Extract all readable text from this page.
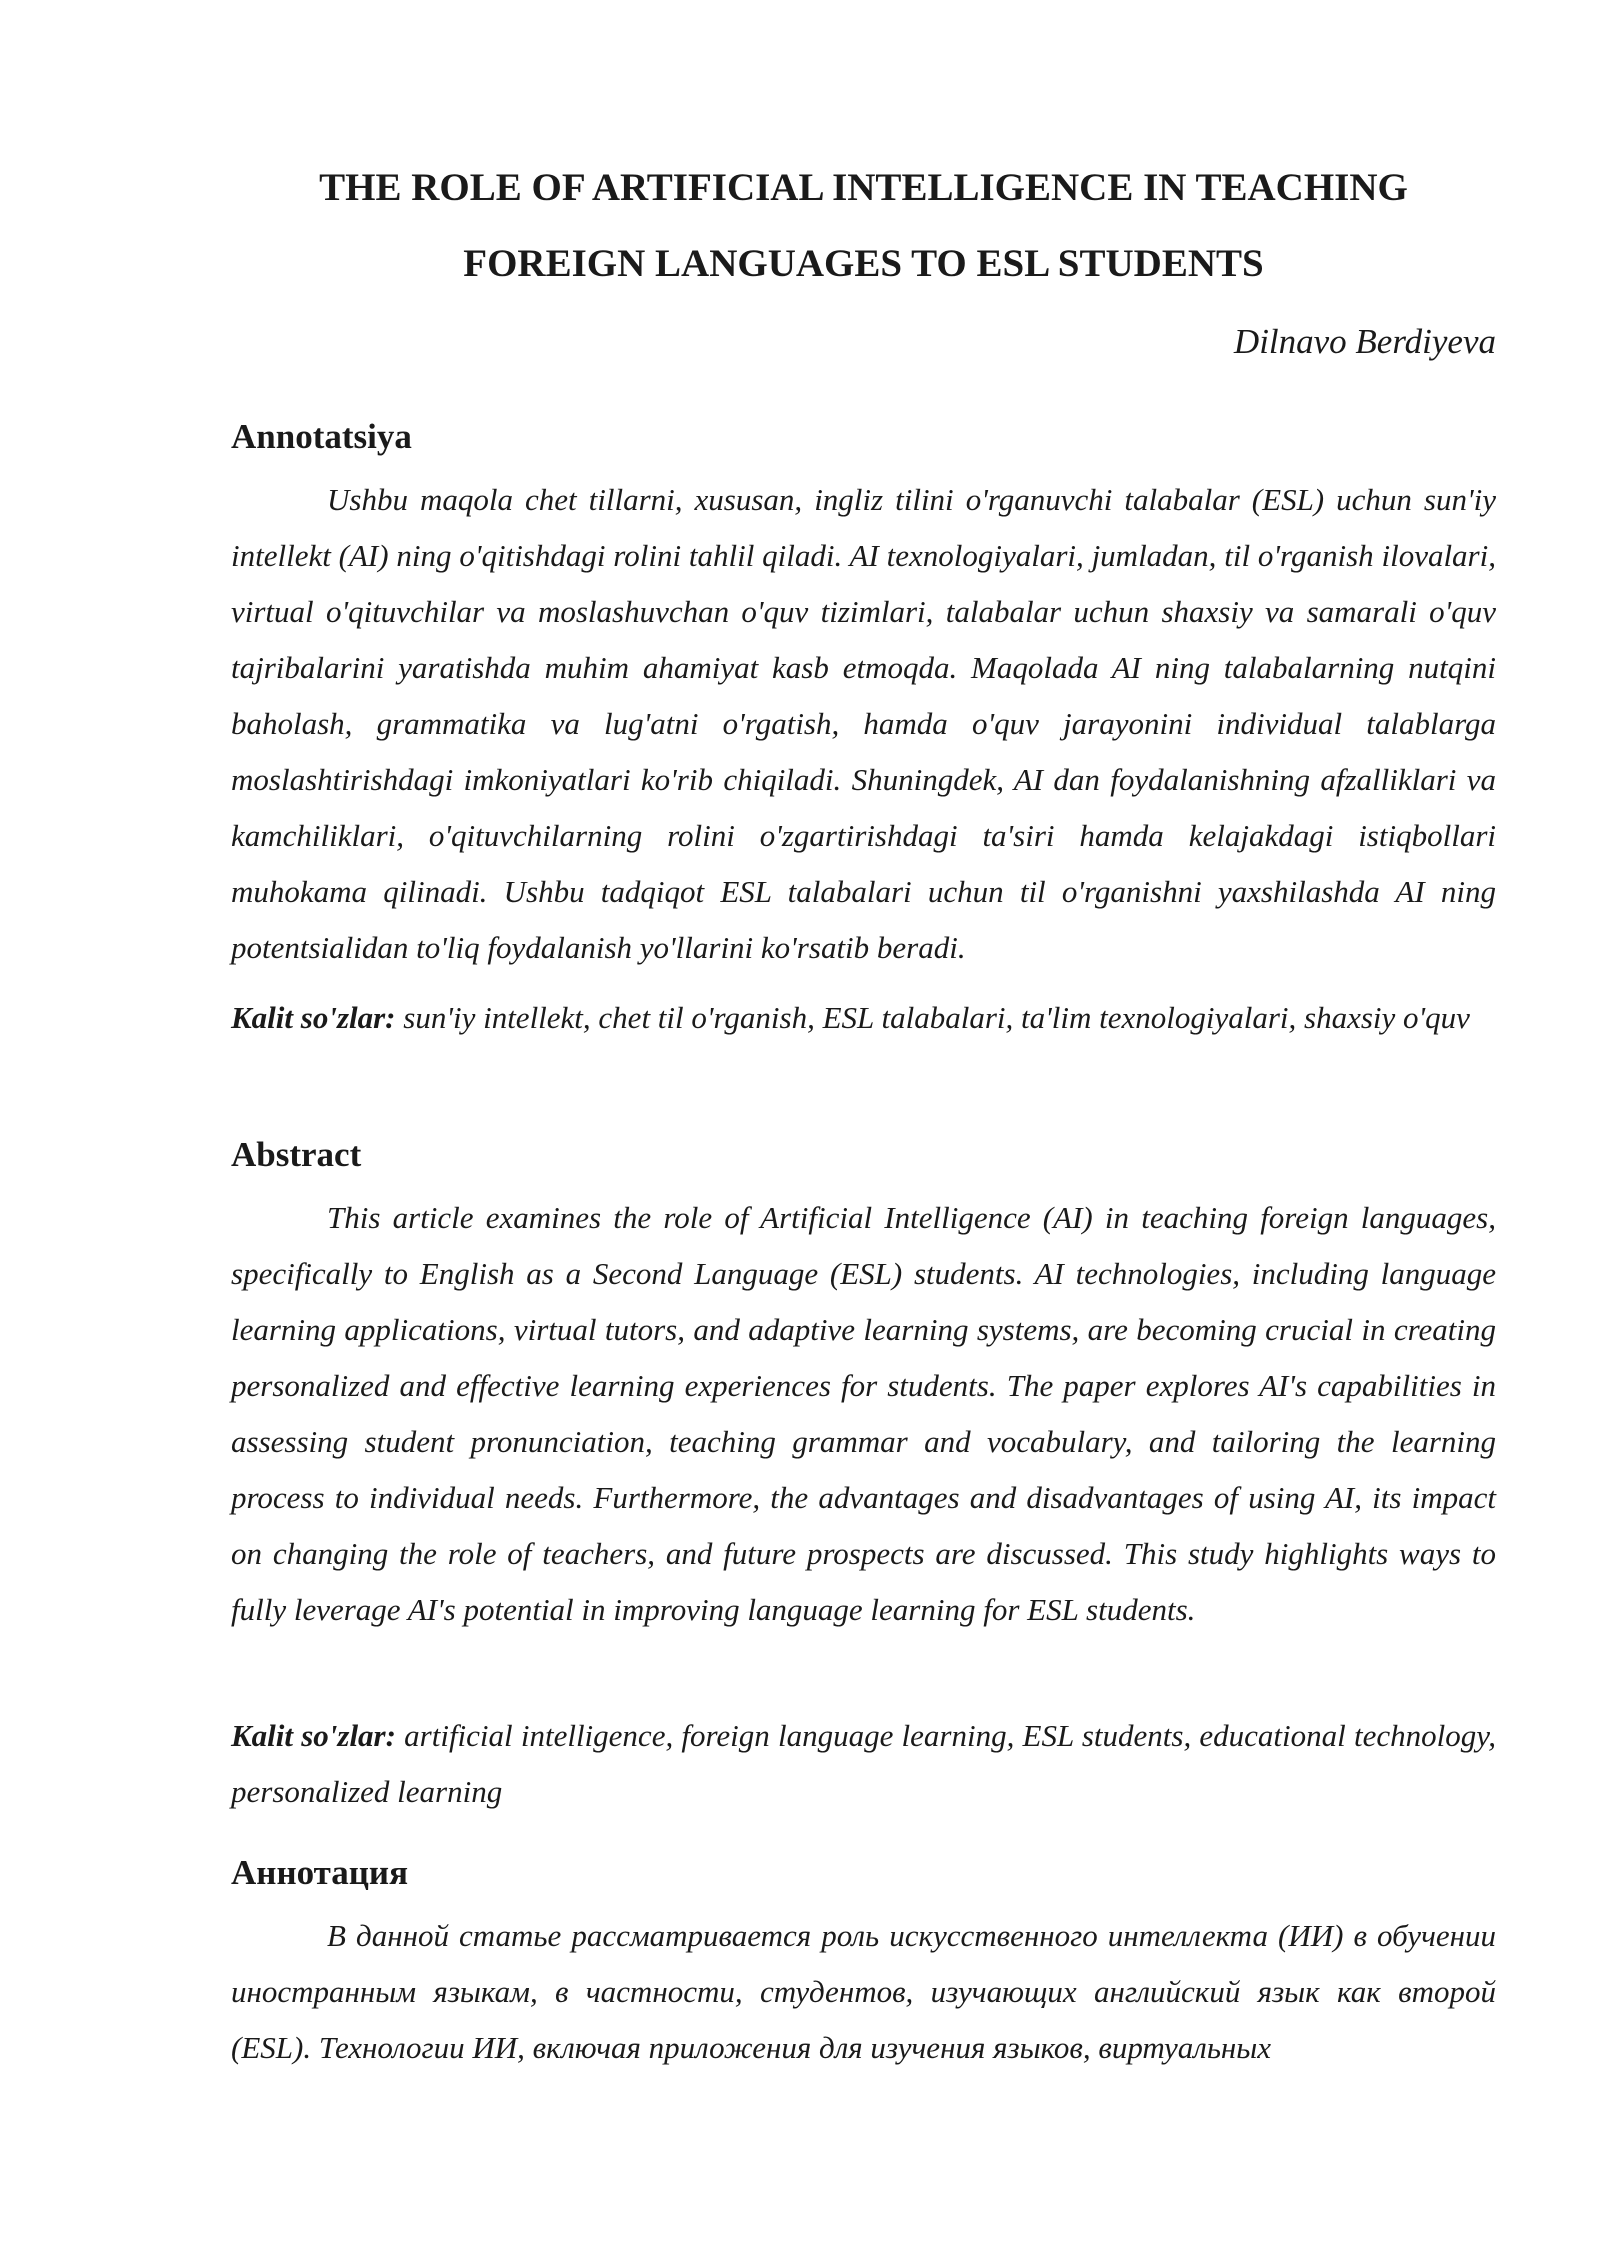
THE ROLE OF ARTIFICIAL INTELLIGENCE IN TEACHING
FOREIGN LANGUAGES TO ESL STUDENTS

Dilnavo Berdiyeva

Annotatsiya

Ushbu maqola chet tillarni, xususan, ingliz tilini o'rganuvchi talabalar (ESL) uchun sun'iy intellekt (AI) ning o'qitishdagi rolini tahlil qiladi. AI texnologiyalari, jumladan, til o'rganish ilovalari, virtual o'qituvchilar va moslashuvchan o'quv tizimlari, talabalar uchun shaxsiy va samarali o'quv tajribalarini yaratishda muhim ahamiyat kasb etmoqda. Maqolada AI ning talabalarning nutqini baholash, grammatika va lug'atni o'rgatish, hamda o'quv jarayonini individual talablarga moslashtirishdagi imkoniyatlari ko'rib chiqiladi. Shuningdek, AI dan foydalanishning afzalliklari va kamchiliklari, o'qituvchilarning rolini o'zgartirishdagi ta'siri hamda kelajakdagi istiqbollari muhokama qilinadi. Ushbu tadqiqot ESL talabalari uchun til o'rganishni yaxshilashda AI ning potentsialidan to'liq foydalanish yo'llarini ko'rsatib beradi.

Kalit so'zlar: sun'iy intellekt, chet til o'rganish, ESL talabalari, ta'lim texnologiyalari, shaxsiy o'quv

Abstract

This article examines the role of Artificial Intelligence (AI) in teaching foreign languages, specifically to English as a Second Language (ESL) students. AI technologies, including language learning applications, virtual tutors, and adaptive learning systems, are becoming crucial in creating personalized and effective learning experiences for students. The paper explores AI's capabilities in assessing student pronunciation, teaching grammar and vocabulary, and tailoring the learning process to individual needs. Furthermore, the advantages and disadvantages of using AI, its impact on changing the role of teachers, and future prospects are discussed. This study highlights ways to fully leverage AI's potential in improving language learning for ESL students.

Kalit so'zlar: artificial intelligence, foreign language learning, ESL students, educational technology, personalized learning

Аннотация

В данной статье рассматривается роль искусственного интеллекта (ИИ) в обучении иностранным языкам, в частности, студентов, изучающих английский язык как второй (ESL). Технологии ИИ, включая приложения для изучения языков, виртуальных
